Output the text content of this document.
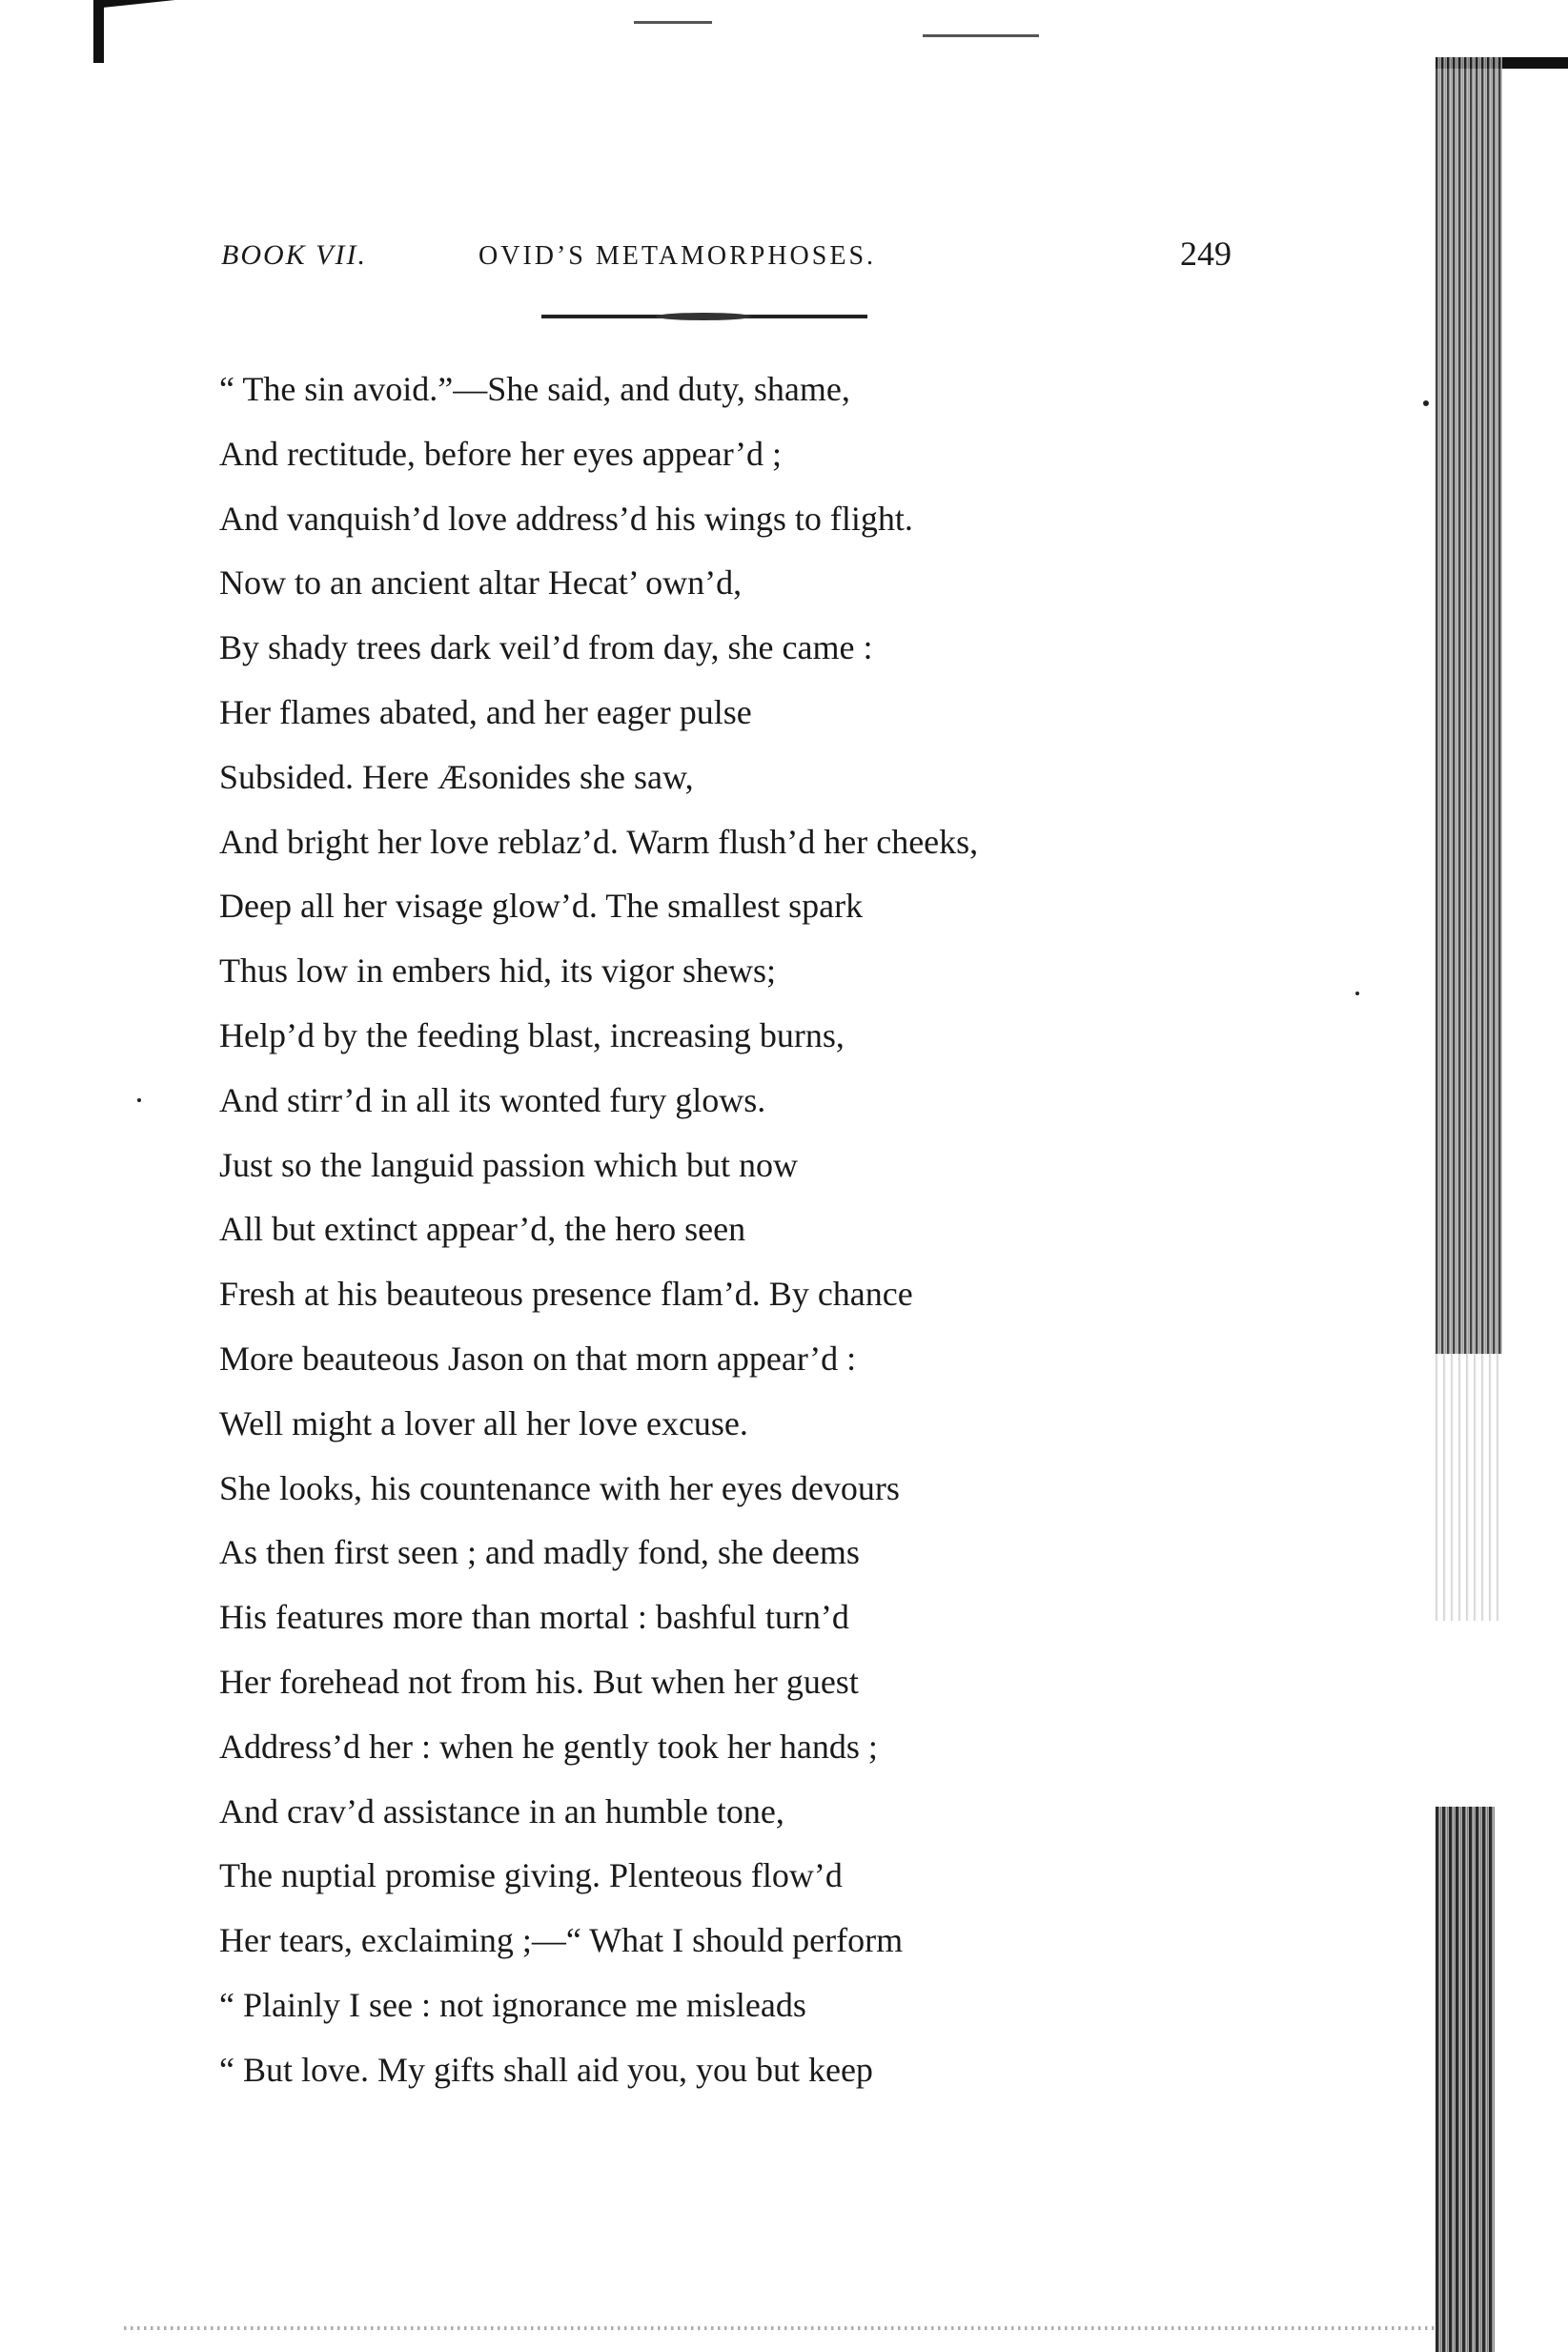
BOOK VII.	OVID’S METAMORPHOSES.	249
“ The sin avoid.”—She said, and duty, shame,
And rectitude, before her eyes appear’d ;
And vanquish’d love address’d his wings to flight.
Now to an ancient altar Hecat’ own’d,
By shady trees dark veil’d from day, she came :
Her flames abated, and her eager pulse
Subsided. Here Æsonides she saw,
And bright her love reblaz’d. Warm flush’d her cheeks,
Deep all her visage glow’d. The smallest spark
Thus low in embers hid, its vigor shews;
Help’d by the feeding blast, increasing burns,
And stirr’d in all its wonted fury glows.
Just so the languid passion which but now
All but extinct appear’d, the hero seen
Fresh at his beauteous presence flam’d. By chance
More beauteous Jason on that morn appear’d :
Well might a lover all her love excuse.
She looks, his countenance with her eyes devours
As then first seen ; and madly fond, she deems
His features more than mortal : bashful turn’d
Her forehead not from his. But when her guest
Address’d her : when he gently took her hands ;
And crav’d assistance in an humble tone,
The nuptial promise giving. Plenteous flow’d
Her tears, exclaiming ;—“ What I should perform
“ Plainly I see : not ignorance me misleads
“ But love. My gifts shall aid you, you but keep
